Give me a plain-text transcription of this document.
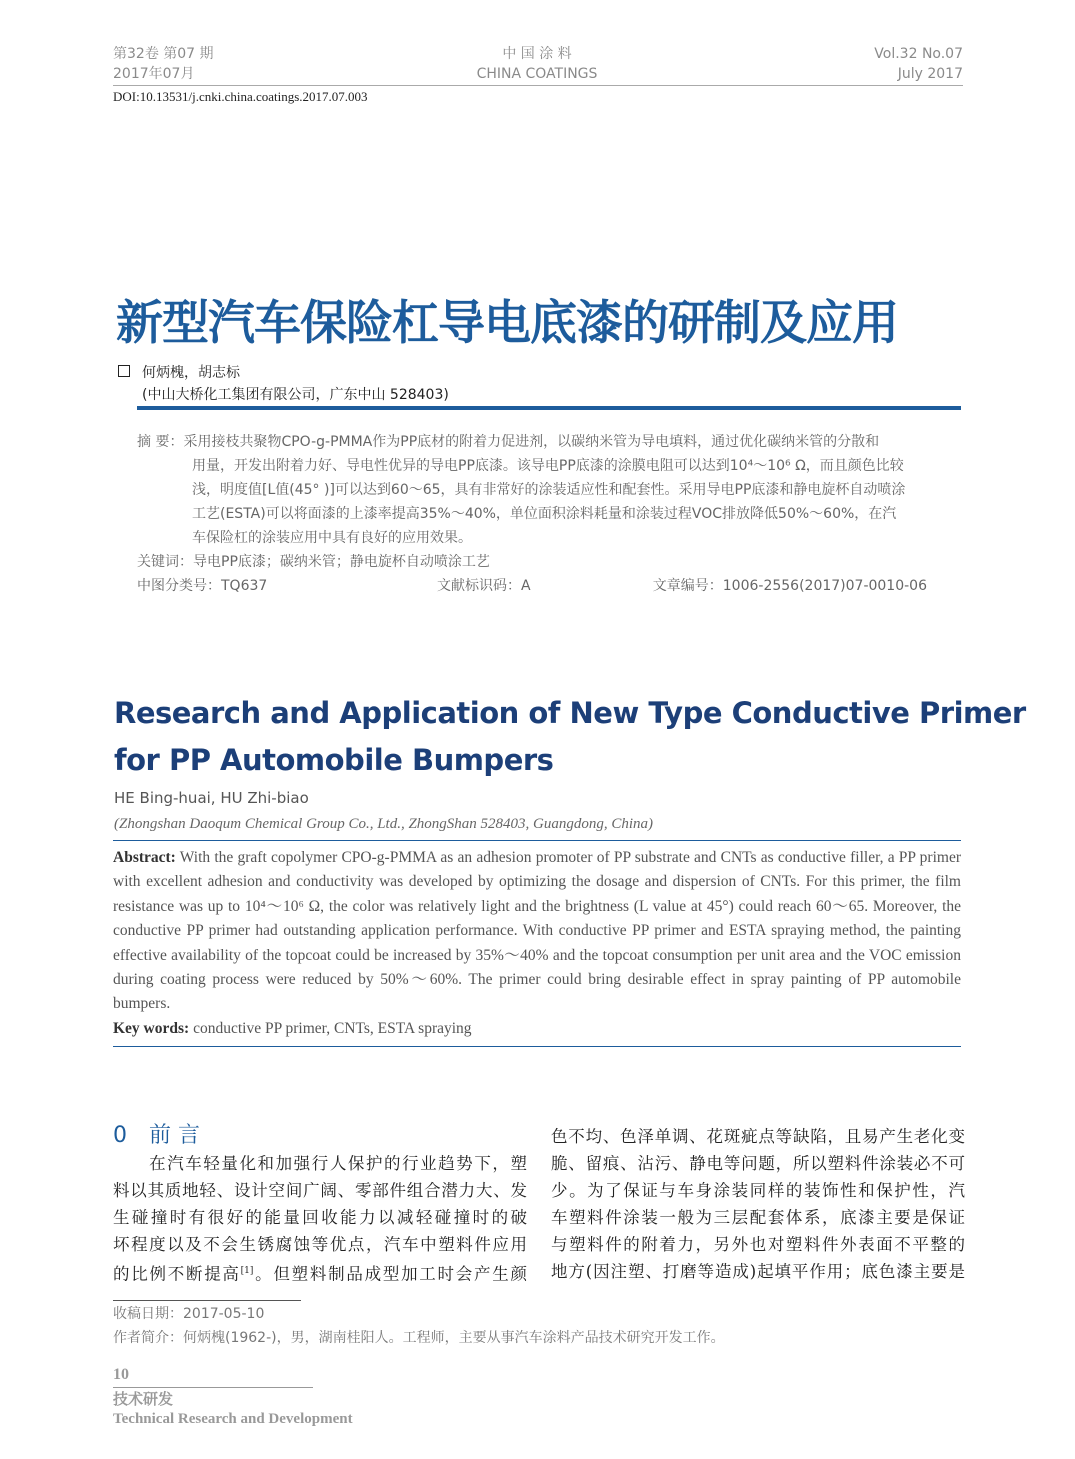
第32卷 第07 期
2017年07月
中 国 涂 料
CHINA COATINGS
Vol.32 No.07
July 2017
DOI:10.13531/j.cnki.china.coatings.2017.07.003
新型汽车保险杠导电底漆的研制及应用
何炳槐，胡志标
(中山大桥化工集团有限公司，广东中山 528403)
摘 要：采用接枝共聚物CPO-g-PMMA作为PP底材的附着力促进剂，以碳纳米管为导电填料，通过优化碳纳米管的分散和
用量，开发出附着力好、导电性优异的导电PP底漆。该导电PP底漆的涂膜电阻可以达到10⁴～10⁶ Ω，而且颜色比较
浅，明度值[L值(45° )]可以达到60～65，具有非常好的涂装适应性和配套性。采用导电PP底漆和静电旋杯自动喷涂
工艺(ESTA)可以将面漆的上漆率提高35%～40%，单位面积涂料耗量和涂装过程VOC排放降低50%～60%，在汽
车保险杠的涂装应用中具有良好的应用效果。
关键词：导电PP底漆；碳纳米管；静电旋杯自动喷涂工艺
中图分类号：TQ637	文献标识码：A	文章编号：1006-2556(2017)07-0010-06
Research and Application of New Type Conductive Primer
for PP Automobile Bumpers
HE Bing-huai, HU Zhi-biao
(Zhongshan Daoqum Chemical Group Co., Ltd., ZhongShan 528403, Guangdong, China)
Abstract: With the graft copolymer CPO-g-PMMA as an adhesion promoter of PP substrate and CNTs as conductive filler, a PP primer with excellent adhesion and conductivity was developed by optimizing the dosage and dispersion of CNTs. For this primer, the film resistance was up to 10⁴～10⁶ Ω, the color was relatively light and the brightness (L value at 45°) could reach 60～65. Moreover, the conductive PP primer had outstanding application performance. With conductive PP primer and ESTA spraying method, the painting effective availability of the topcoat could be increased by 35%～40% and the topcoat consumption per unit area and the VOC emission during coating process were reduced by 50%～60%. The primer could bring desirable effect in spray painting of PP automobile bumpers.
Key words: conductive PP primer, CNTs, ESTA spraying
0 前 言
　　在汽车轻量化和加强行人保护的行业趋势下，塑
料以其质地轻、设计空间广阔、零部件组合潜力大、发
生碰撞时有很好的能量回收能力以减轻碰撞时的破
坏程度以及不会生锈腐蚀等优点，汽车中塑料件应用
的比例不断提高[1]。但塑料制品成型加工时会产生颜
色不均、色泽单调、花斑疵点等缺陷，且易产生老化变
脆、留痕、沾污、静电等问题，所以塑料件涂装必不可
少。为了保证与车身涂装同样的装饰性和保护性，汽
车塑料件涂装一般为三层配套体系，底漆主要是保证
与塑料件的附着力，另外也对塑料件外表面不平整的
地方(因注塑、打磨等造成)起填平作用；底色漆主要是
收稿日期：2017-05-10
作者简介：何炳槐(1962-)，男，湖南桂阳人。工程师，主要从事汽车涂料产品技术研究开发工作。
10
技术研发
Technical Research and Development
